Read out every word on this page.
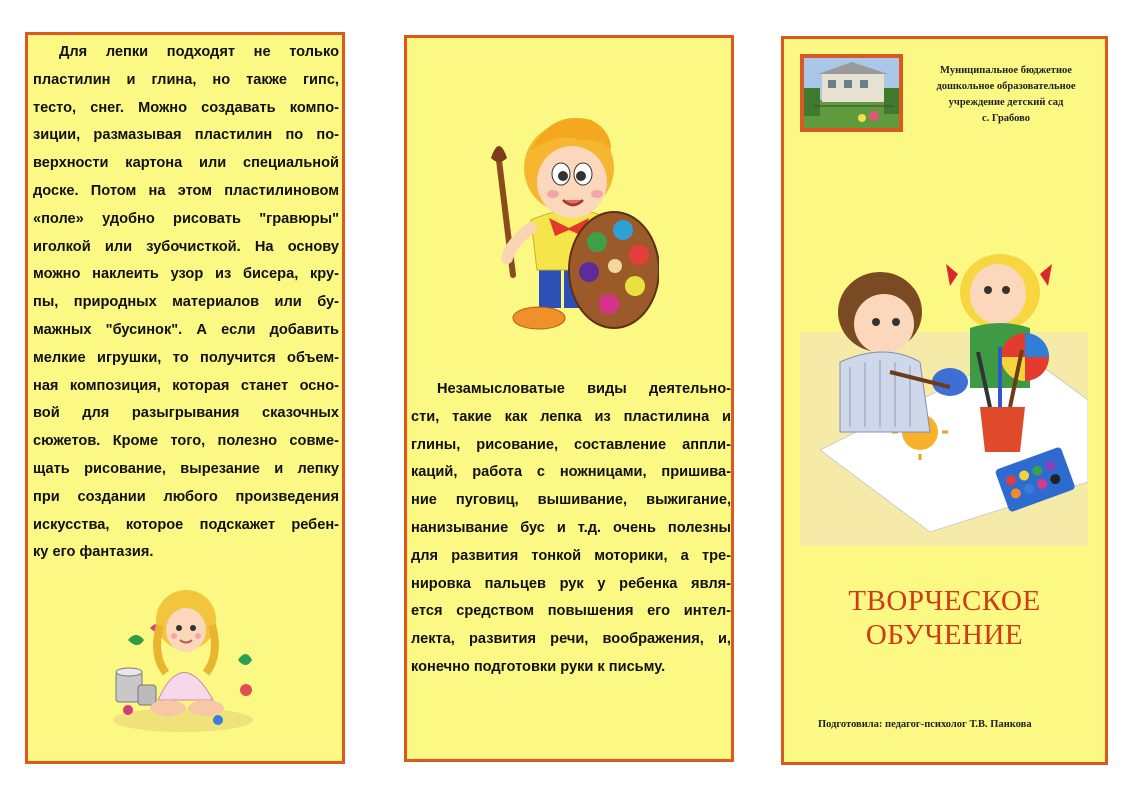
Для лепки подходят не только
пластилин и глина, но также гипс,
тесто, снег. Можно создавать компо-
зиции, размазывая пластилин по по-
верхности картона или специальной
доске. Потом на этом пластилиновом
«поле» удобно рисовать "гравюры"
иголкой или зубочисткой. На основу
можно наклеить узор из бисера, кру-
пы, природных материалов или бу-
мажных "бусинок". А если добавить
мелкие игрушки, то получится объем-
ная композиция, которая станет осно-
вой для разыгрывания сказочных
сюжетов. Кроме того, полезно совме-
щать рисование, вырезание и лепку
при создании любого произведения
искусства, которое подскажет ребен-
ку его фантазия.
Незамысловатые виды деятельно-
сти, такие как лепка из пластилина и
глины, рисование, составление аппли-
каций, работа с ножницами, пришива-
ние пуговиц, вышивание, выжигание,
нанизывание бус и т.д. очень полезны
для развития тонкой моторики, а тре-
нировка пальцев рук у ребенка явля-
ется средством повышения его интел-
лекта, развития речи, воображения, и,
конечно подготовки руки к письму.
Муниципальное бюджетное
дошкольное образовательное
учреждение детский сад
с. Грабово
ТВОРЧЕСКОЕ
ОБУЧЕНИЕ
Подготовила: педагог-психолог Т.В. Панкова
